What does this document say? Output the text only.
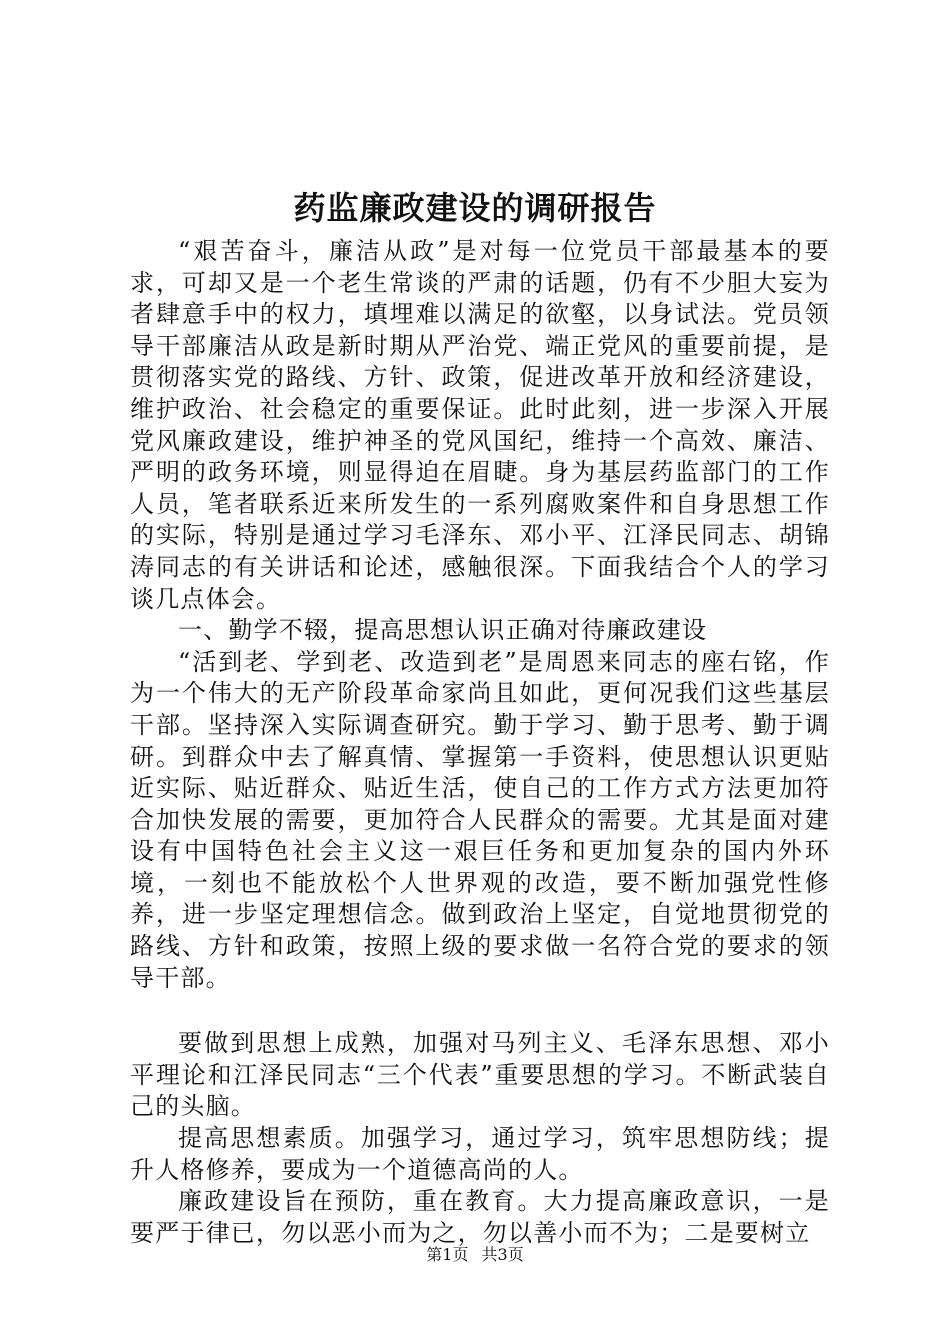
药监廉政建设的调研报告

“艰苦奋斗，廉洁从政”是对每一位党员干部最基本的要求，可却又是一个老生常谈的严肃的话题，仍有不少胆大妄为者肆意手中的权力，填埋难以满足的欲壑，以身试法。党员领导干部廉洁从政是新时期从严治党、端正党风的重要前提，是贯彻落实党的路线、方针、政策，促进改革开放和经济建设，维护政治、社会稳定的重要保证。此时此刻，进一步深入开展党风廉政建设，维护神圣的党风国纪，维持一个高效、廉洁、严明的政务环境，则显得迫在眉睫。身为基层药监部门的工作人员，笔者联系近来所发生的一系列腐败案件和自身思想工作的实际，特别是通过学习毛泽东、邓小平、江泽民同志、胡锦涛同志的有关讲话和论述，感触很深。下面我结合个人的学习谈几点体会。

一、勤学不辍，提高思想认识正确对待廉政建设

“活到老、学到老、改造到老”是周恩来同志的座右铭，作为一个伟大的无产阶段革命家尚且如此，更何况我们这些基层干部。坚持深入实际调查研究。勤于学习、勤于思考、勤于调研。到群众中去了解真情、掌握第一手资料，使思想认识更贴近实际、贴近群众、贴近生活，使自己的工作方式方法更加符合加快发展的需要，更加符合人民群众的需要。尤其是面对建设有中国特色社会主义这一艰巨任务和更加复杂的国内外环境，一刻也不能放松个人世界观的改造，要不断加强党性修养，进一步坚定理想信念。做到政治上坚定，自觉地贯彻党的路线、方针和政策，按照上级的要求做一名符合党的要求的领导干部。

要做到思想上成熟，加强对马列主义、毛泽东思想、邓小平理论和江泽民同志“三个代表”重要思想的学习。不断武装自己的头脑。

提高思想素质。加强学习，通过学习，筑牢思想防线；提升人格修养，要成为一个道德高尚的人。

廉政建设旨在预防，重在教育。大力提高廉政意识，一是要严于律已，勿以恶小而为之，勿以善小而不为；二是要树立

第1页 共3页
